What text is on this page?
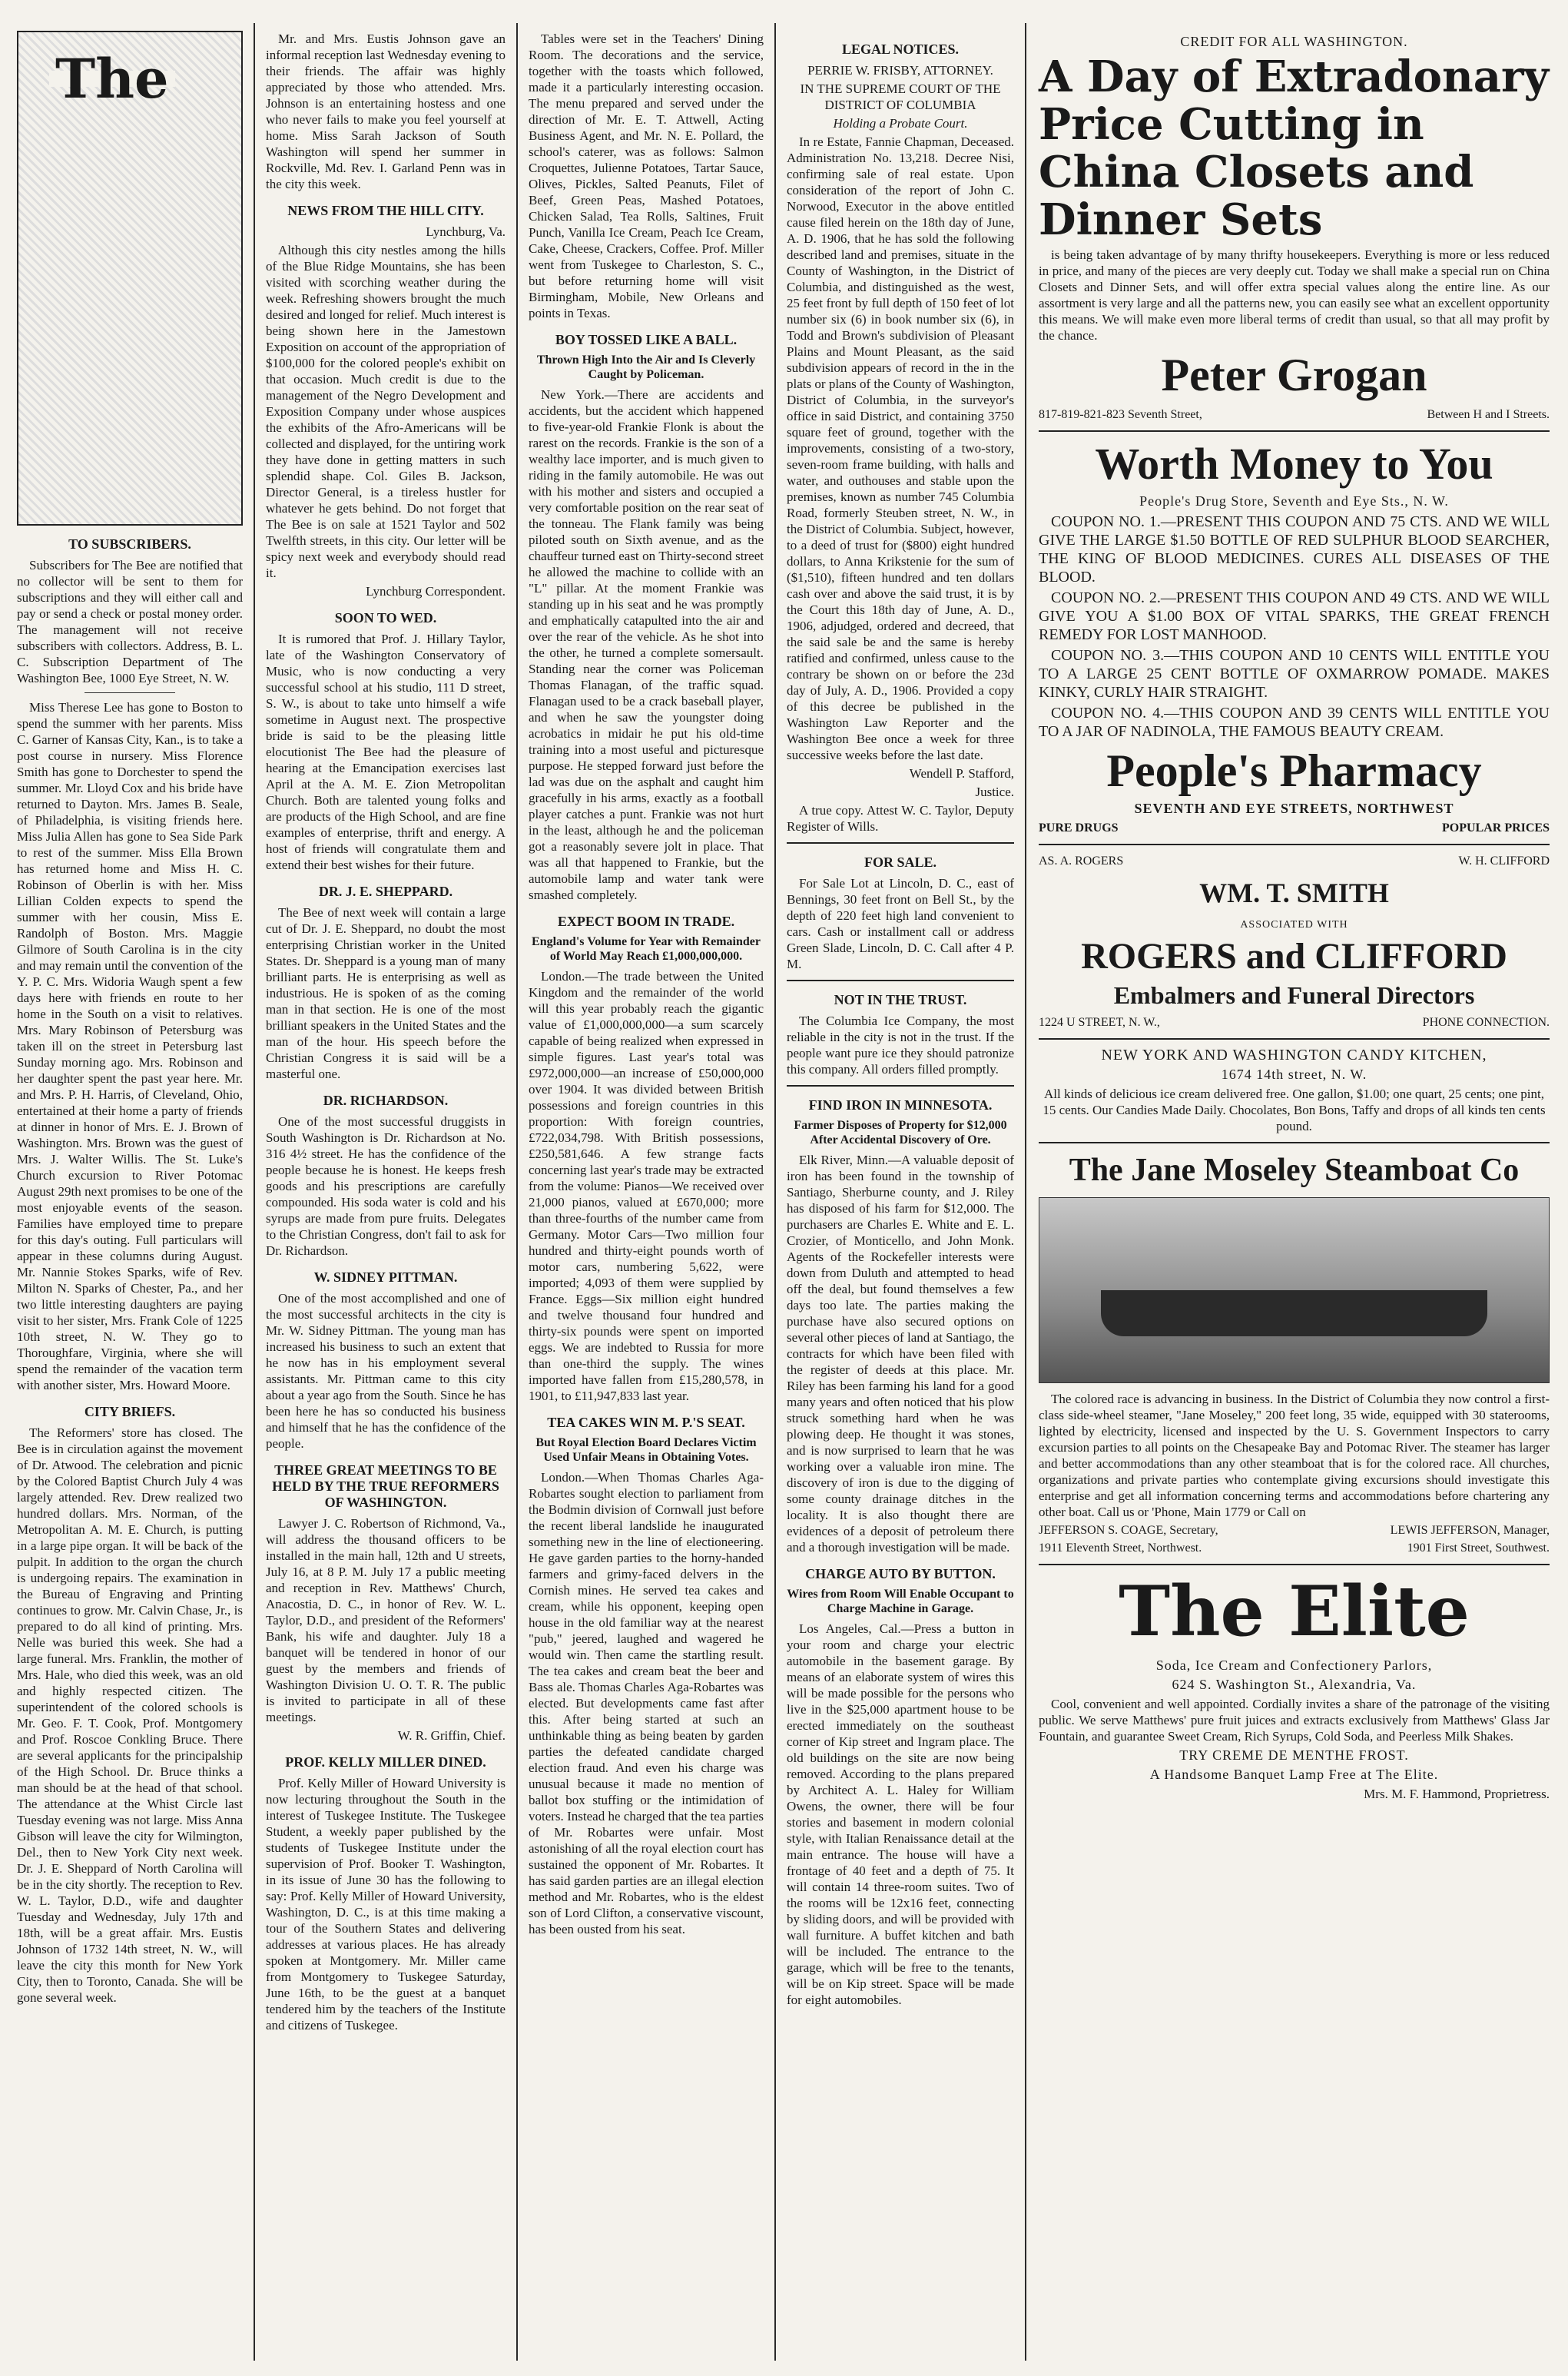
The
TO SUBSCRIBERS.

Subscribers for The Bee are notified that no collector will be sent to them for subscriptions and they will either call and pay or send a check or postal money order. The management will not receive subscribers with collectors. Address, B. L. C. Subscription Department of The Washington Bee, 1000 Eye Street, N. W.

Miss Therese Lee has gone to Boston to spend the summer with her parents. Miss C. Garner of Kansas City, Kan., is to take a post course in nursery. Miss Florence Smith has gone to Dorchester to spend the summer. Mr. Lloyd Cox and his bride have returned to Dayton. Mrs. James B. Seale, of Philadelphia, is visiting friends here. Miss Julia Allen has gone to Sea Side Park to rest of the summer. Miss Ella Brown has returned home and Miss H. C. Robinson of Oberlin is with her. Miss Lillian Colden expects to spend the summer with her cousin, Miss E. Randolph of Boston. Mrs. Maggie Gilmore of South Carolina is in the city and may remain until the convention of the Y. P. C. Mrs. Widoria Waugh spent a few days here with friends en route to her home in the South on a visit to relatives. Mrs. Mary Robinson of Petersburg was taken ill on the street in Petersburg last Sunday morning ago. Mrs. Robinson and her daughter spent the past year here. Mr. and Mrs. P. H. Harris, of Cleveland, Ohio, entertained at their home a party of friends at dinner in honor of Mrs. E. J. Brown of Washington. Mrs. Brown was the guest of Mrs. J. Walter Willis. The St. Luke's Church excursion to River Potomac August 29th next promises to be one of the most enjoyable events of the season. Families have employed time to prepare for this day's outing. Full particulars will appear in these columns during August. Mr. Nannie Stokes Sparks, wife of Rev. Milton N. Sparks of Chester, Pa., and her two little interesting daughters are paying visit to her sister, Mrs. Frank Cole of 1225 10th street, N. W. They go to Thoroughfare, Virginia, where she will spend the remainder of the vacation term with another sister, Mrs. Howard Moore.

CITY BRIEFS.

The Reformers' store has closed. The Bee is in circulation against the movement of Dr. Atwood. The celebration and picnic by the Colored Baptist Church July 4 was largely attended. Rev. Drew realized two hundred dollars. Mrs. Norman, of the Metropolitan A. M. E. Church, is putting in a large pipe organ. It will be back of the pulpit. In addition to the organ the church is undergoing repairs. The examination in the Bureau of Engraving and Printing continues to grow. Mr. Calvin Chase, Jr., is prepared to do all kind of printing. Mrs. Nelle was buried this week. She had a large funeral. Mrs. Franklin, the mother of Mrs. Hale, who died this week, was an old and highly respected citizen. The superintendent of the colored schools is Mr. Geo. F. T. Cook, Prof. Montgomery and Prof. Roscoe Conkling Bruce. There are several applicants for the principalship of the High School. Dr. Bruce thinks a man should be at the head of that school. The attendance at the Whist Circle last Tuesday evening was not large. Miss Anna Gibson will leave the city for Wilmington, Del., then to New York City next week. Dr. J. E. Sheppard of North Carolina will be in the city shortly. The reception to Rev. W. L. Taylor, D.D., wife and daughter Tuesday and Wednesday, July 17th and 18th, will be a great affair. Mrs. Eustis Johnson of 1732 14th street, N. W., will leave the city this month for New York City, then to Toronto, Canada. She will be gone several week.

Mr. and Mrs. Eustis Johnson gave an informal reception last Wednesday evening to their friends. The affair was highly appreciated by those who attended. Mrs. Johnson is an entertaining hostess and one who never fails to make you feel yourself at home. Miss Sarah Jackson of South Washington will spend her summer in Rockville, Md. Rev. I. Garland Penn was in the city this week.

NEWS FROM THE HILL CITY.

Lynchburg, Va.

Although this city nestles among the hills of the Blue Ridge Mountains, she has been visited with scorching weather during the week. Refreshing showers brought the much desired and longed for relief. Much interest is being shown here in the Jamestown Exposition on account of the appropriation of $100,000 for the colored people's exhibit on that occasion. Much credit is due to the management of the Negro Development and Exposition Company under whose auspices the exhibits of the Afro-Americans will be collected and displayed, for the untiring work they have done in getting matters in such splendid shape. Col. Giles B. Jackson, Director General, is a tireless hustler for whatever he gets behind. Do not forget that The Bee is on sale at 1521 Taylor and 502 Twelfth streets, in this city. Our letter will be spicy next week and everybody should read it.

Lynchburg Correspondent.

SOON TO WED.

It is rumored that Prof. J. Hillary Taylor, late of the Washington Conservatory of Music, who is now conducting a very successful school at his studio, 111 D street, S. W., is about to take unto himself a wife sometime in August next. The prospective bride is said to be the pleasing little elocutionist The Bee had the pleasure of hearing at the Emancipation exercises last April at the A. M. E. Zion Metropolitan Church. Both are talented young folks and are products of the High School, and are fine examples of enterprise, thrift and energy. A host of friends will congratulate them and extend their best wishes for their future.

DR. J. E. SHEPPARD.

The Bee of next week will contain a large cut of Dr. J. E. Sheppard, no doubt the most enterprising Christian worker in the United States. Dr. Sheppard is a young man of many brilliant parts. He is enterprising as well as industrious. He is spoken of as the coming man in that section. He is one of the most brilliant speakers in the United States and the man of the hour. His speech before the Christian Congress it is said will be a masterful one.

DR. RICHARDSON.

One of the most successful druggists in South Washington is Dr. Richardson at No. 316 4½ street. He has the confidence of the people because he is honest. He keeps fresh goods and his prescriptions are carefully compounded. His soda water is cold and his syrups are made from pure fruits. Delegates to the Christian Congress, don't fail to ask for Dr. Richardson.

W. SIDNEY PITTMAN.

One of the most accomplished and one of the most successful architects in the city is Mr. W. Sidney Pittman. The young man has increased his business to such an extent that he now has in his employment several assistants. Mr. Pittman came to this city about a year ago from the South. Since he has been here he has so conducted his business and himself that he has the confidence of the people.

THREE GREAT MEETINGS TO BE HELD BY THE TRUE REFORMERS OF WASHINGTON.

Lawyer J. C. Robertson of Richmond, Va., will address the thousand officers to be installed in the main hall, 12th and U streets, July 16, at 8 P. M. July 17 a public meeting and reception in Rev. Matthews' Church, Anacostia, D. C., in honor of Rev. W. L. Taylor, D.D., and president of the Reformers' Bank, his wife and daughter. July 18 a banquet will be tendered in honor of our guest by the members and friends of Washington Division U. O. T. R. The public is invited to participate in all of these meetings.

W. R. Griffin, Chief.

PROF. KELLY MILLER DINED.

Prof. Kelly Miller of Howard University is now lecturing throughout the South in the interest of Tuskegee Institute. The Tuskegee Student, a weekly paper published by the students of Tuskegee Institute under the supervision of Prof. Booker T. Washington, in its issue of June 30 has the following to say: Prof. Kelly Miller of Howard University, Washington, D. C., is at this time making a tour of the Southern States and delivering addresses at various places. He has already spoken at Montgomery. Mr. Miller came from Montgomery to Tuskegee Saturday, June 16th, to be the guest at a banquet tendered him by the teachers of the Institute and citizens of Tuskegee.

Tables were set in the Teachers' Dining Room. The decorations and the service, together with the toasts which followed, made it a particularly interesting occasion. The menu prepared and served under the direction of Mr. E. T. Attwell, Acting Business Agent, and Mr. N. E. Pollard, the school's caterer, was as follows: Salmon Croquettes, Julienne Potatoes, Tartar Sauce, Olives, Pickles, Salted Peanuts, Filet of Beef, Green Peas, Mashed Potatoes, Chicken Salad, Tea Rolls, Saltines, Fruit Punch, Vanilla Ice Cream, Peach Ice Cream, Cake, Cheese, Crackers, Coffee. Prof. Miller went from Tuskegee to Charleston, S. C., but before returning home will visit Birmingham, Mobile, New Orleans and points in Texas.

BOY TOSSED LIKE A BALL.
Thrown High Into the Air and Is Cleverly Caught by Policeman.

New York.—There are accidents and accidents, but the accident which happened to five-year-old Frankie Flonk is about the rarest on the records. Frankie is the son of a wealthy lace importer, and is much given to riding in the family automobile. He was out with his mother and sisters and occupied a very comfortable position on the rear seat of the tonneau. The Flank family was being piloted south on Sixth avenue, and as the chauffeur turned east on Thirty-second street he allowed the machine to collide with an "L" pillar. At the moment Frankie was standing up in his seat and he was promptly and emphatically catapulted into the air and over the rear of the vehicle. As he shot into the other, he turned a complete somersault. Standing near the corner was Policeman Thomas Flanagan, of the traffic squad. Flanagan used to be a crack baseball player, and when he saw the youngster doing acrobatics in midair he put his old-time training into a most useful and picturesque purpose. He stepped forward just before the lad was due on the asphalt and caught him gracefully in his arms, exactly as a football player catches a punt. Frankie was not hurt in the least, although he and the policeman got a reasonably severe jolt in place. That was all that happened to Frankie, but the automobile lamp and water tank were smashed completely.

EXPECT BOOM IN TRADE.
England's Volume for Year with Remainder of World May Reach £1,000,000,000.

London.—The trade between the United Kingdom and the remainder of the world will this year probably reach the gigantic value of £1,000,000,000—a sum scarcely capable of being realized when expressed in simple figures. Last year's total was £972,000,000—an increase of £50,000,000 over 1904. It was divided between British possessions and foreign countries in this proportion: With foreign countries, £722,034,798. With British possessions, £250,581,646. A few strange facts concerning last year's trade may be extracted from the volume: Pianos—We received over 21,000 pianos, valued at £670,000; more than three-fourths of the number came from Germany. Motor Cars—Two million four hundred and thirty-eight pounds worth of motor cars, numbering 5,622, were imported; 4,093 of them were supplied by France. Eggs—Six million eight hundred and twelve thousand four hundred and thirty-six pounds were spent on imported eggs. We are indebted to Russia for more than one-third the supply. The wines imported have fallen from £15,280,578, in 1901, to £11,947,833 last year.

TEA CAKES WIN M. P.'S SEAT.
But Royal Election Board Declares Victim Used Unfair Means in Obtaining Votes.

London.—When Thomas Charles Aga-Robartes sought election to parliament from the Bodmin division of Cornwall just before the recent liberal landslide he inaugurated something new in the line of electioneering. He gave garden parties to the horny-handed farmers and grimy-faced delvers in the Cornish mines. He served tea cakes and cream, while his opponent, keeping open house in the old familiar way at the nearest "pub," jeered, laughed and wagered he would win. Then came the startling result. The tea cakes and cream beat the beer and Bass ale. Thomas Charles Aga-Robartes was elected. But developments came fast after this. After being started at such an unthinkable thing as being beaten by garden parties the defeated candidate charged election fraud. And even his charge was unusual because it made no mention of ballot box stuffing or the intimidation of voters. Instead he charged that the tea parties of Mr. Robartes were unfair. Most astonishing of all the royal election court has sustained the opponent of Mr. Robartes. It has said garden parties are an illegal election method and Mr. Robartes, who is the eldest son of Lord Clifton, a conservative viscount, has been ousted from his seat.

LEGAL NOTICES.

PERRIE W. FRISBY, ATTORNEY.

IN THE SUPREME COURT OF THE DISTRICT OF COLUMBIA

Holding a Probate Court.

In re Estate, Fannie Chapman, Deceased. Administration No. 13,218. Decree Nisi, confirming sale of real estate. Upon consideration of the report of John C. Norwood, Executor in the above entitled cause filed herein on the 18th day of June, A. D. 1906, that he has sold the following described land and premises, situate in the County of Washington, in the District of Columbia, and distinguished as the west, 25 feet front by full depth of 150 feet of lot number six (6) in book number six (6), in Todd and Brown's subdivision of Pleasant Plains and Mount Pleasant, as the said subdivision appears of record in the in the plats or plans of the County of Washington, District of Columbia, in the surveyor's office in said District, and containing 3750 square feet of ground, together with the improvements, consisting of a two-story, seven-room frame building, with halls and water, and outhouses and stable upon the premises, known as number 745 Columbia Road, formerly Steuben street, N. W., in the District of Columbia. Subject, however, to a deed of trust for ($800) eight hundred dollars, to Anna Krikstenie for the sum of ($1,510), fifteen hundred and ten dollars cash over and above the said trust, it is by the Court this 18th day of June, A. D., 1906, adjudged, ordered and decreed, that the said sale be and the same is hereby ratified and confirmed, unless cause to the contrary be shown on or before the 23d day of July, A. D., 1906. Provided a copy of this decree be published in the Washington Law Reporter and the Washington Bee once a week for three successive weeks before the last date.

Wendell P. Stafford,

Justice.

A true copy. Attest W. C. Taylor, Deputy Register of Wills.

FOR SALE.

For Sale Lot at Lincoln, D. C., east of Bennings, 30 feet front on Bell St., by the depth of 220 feet high land convenient to cars. Cash or installment call or address Green Slade, Lincoln, D. C. Call after 4 P. M.

NOT IN THE TRUST.

The Columbia Ice Company, the most reliable in the city is not in the trust. If the people want pure ice they should patronize this company. All orders filled promptly.

FIND IRON IN MINNESOTA.
Farmer Disposes of Property for $12,000 After Accidental Discovery of Ore.

Elk River, Minn.—A valuable deposit of iron has been found in the township of Santiago, Sherburne county, and J. Riley has disposed of his farm for $12,000. The purchasers are Charles E. White and E. L. Crozier, of Monticello, and John Monk. Agents of the Rockefeller interests were down from Duluth and attempted to head off the deal, but found themselves a few days too late. The parties making the purchase have also secured options on several other pieces of land at Santiago, the contracts for which have been filed with the register of deeds at this place. Mr. Riley has been farming his land for a good many years and often noticed that his plow struck something hard when he was plowing deep. He thought it was stones, and is now surprised to learn that he was working over a valuable iron mine. The discovery of iron is due to the digging of some county drainage ditches in the locality. It is also thought there are evidences of a deposit of petroleum there and a thorough investigation will be made.

CHARGE AUTO BY BUTTON.
Wires from Room Will Enable Occupant to Charge Machine in Garage.

Los Angeles, Cal.—Press a button in your room and charge your electric automobile in the basement garage. By means of an elaborate system of wires this will be made possible for the persons who live in the $25,000 apartment house to be erected immediately on the southeast corner of Kip street and Ingram place. The old buildings on the site are now being removed. According to the plans prepared by Architect A. L. Haley for William Owens, the owner, there will be four stories and basement in modern colonial style, with Italian Renaissance detail at the main entrance. The house will have a frontage of 40 feet and a depth of 75. It will contain 14 three-room suites. Two of the rooms will be 12x16 feet, connecting by sliding doors, and will be provided with wall furniture. A buffet kitchen and bath will be included. The entrance to the garage, which will be free to the tenants, will be on Kip street. Space will be made for eight automobiles.

CREDIT FOR ALL WASHINGTON.
A Day of Extradonary Price Cutting in China Closets and Dinner Sets

is being taken advantage of by many thrifty housekeepers. Everything is more or less reduced in price, and many of the pieces are very deeply cut. Today we shall make a special run on China Closets and Dinner Sets, and will offer extra special values along the entire line. As our assortment is very large and all the patterns new, you can easily see what an excellent opportunity this means. We will make even more liberal terms of credit than usual, so that all may profit by the chance.

Peter Grogan
817-819-821-823 Seventh Street,	Between H and I Streets.
Worth Money to You
People's Drug Store, Seventh and Eye Sts., N. W.

COUPON NO. 1.—PRESENT THIS COUPON AND 75 CTS. AND WE WILL GIVE THE LARGE $1.50 BOTTLE OF RED SULPHUR BLOOD SEARCHER, THE KING OF BLOOD MEDICINES. CURES ALL DISEASES OF THE BLOOD.

COUPON NO. 2.—PRESENT THIS COUPON AND 49 CTS. AND WE WILL GIVE YOU A $1.00 BOX OF VITAL SPARKS, THE GREAT FRENCH REMEDY FOR LOST MANHOOD.

COUPON NO. 3.—THIS COUPON AND 10 CENTS WILL ENTITLE YOU TO A LARGE 25 CENT BOTTLE OF OXMARROW POMADE. MAKES KINKY, CURLY HAIR STRAIGHT.

COUPON NO. 4.—THIS COUPON AND 39 CENTS WILL ENTITLE YOU TO A JAR OF NADINOLA, THE FAMOUS BEAUTY CREAM.

People's Pharmacy
SEVENTH AND EYE STREETS, NORTHWEST
PURE DRUGS	POPULAR PRICES
AS. A. ROGERS	W. H. CLIFFORD
WM. T. SMITH
ASSOCIATED WITH
ROGERS and CLIFFORD
Embalmers and Funeral Directors
1224 U STREET, N. W.,	PHONE CONNECTION.
NEW YORK AND WASHINGTON CANDY KITCHEN,
1674 14th street, N. W.

All kinds of delicious ice cream delivered free. One gallon, $1.00; one quart, 25 cents; one pint, 15 cents. Our Candies Made Daily. Chocolates, Bon Bons, Taffy and drops of all kinds ten cents pound.

The Jane Moseley Steamboat Co

The colored race is advancing in business. In the District of Columbia they now control a first-class side-wheel steamer, "Jane Moseley," 200 feet long, 35 wide, equipped with 30 staterooms, lighted by electricity, licensed and inspected by the U. S. Government Inspectors to carry excursion parties to all points on the Chesapeake Bay and Potomac River. The steamer has larger and better accommodations than any other steamboat that is for the colored race. All churches, organizations and private parties who contemplate giving excursions should investigate this enterprise and get all information concerning terms and accommodations before chartering any other boat. Call us or 'Phone, Main 1779 or Call on

JEFFERSON S. COAGE, Secretary,	LEWIS JEFFERSON, Manager,
1911 Eleventh Street, Northwest.	1901 First Street, Southwest.
The Elite
Soda, Ice Cream and Confectionery Parlors,
624 S. Washington St., Alexandria, Va.

Cool, convenient and well appointed. Cordially invites a share of the patronage of the visiting public. We serve Matthews' pure fruit juices and extracts exclusively from Matthews' Glass Jar Fountain, and guarantee Sweet Cream, Rich Syrups, Cold Soda, and Peerless Milk Shakes.

TRY CREME DE MENTHE FROST.
A Handsome Banquet Lamp Free at The Elite.

Mrs. M. F. Hammond, Proprietress.
